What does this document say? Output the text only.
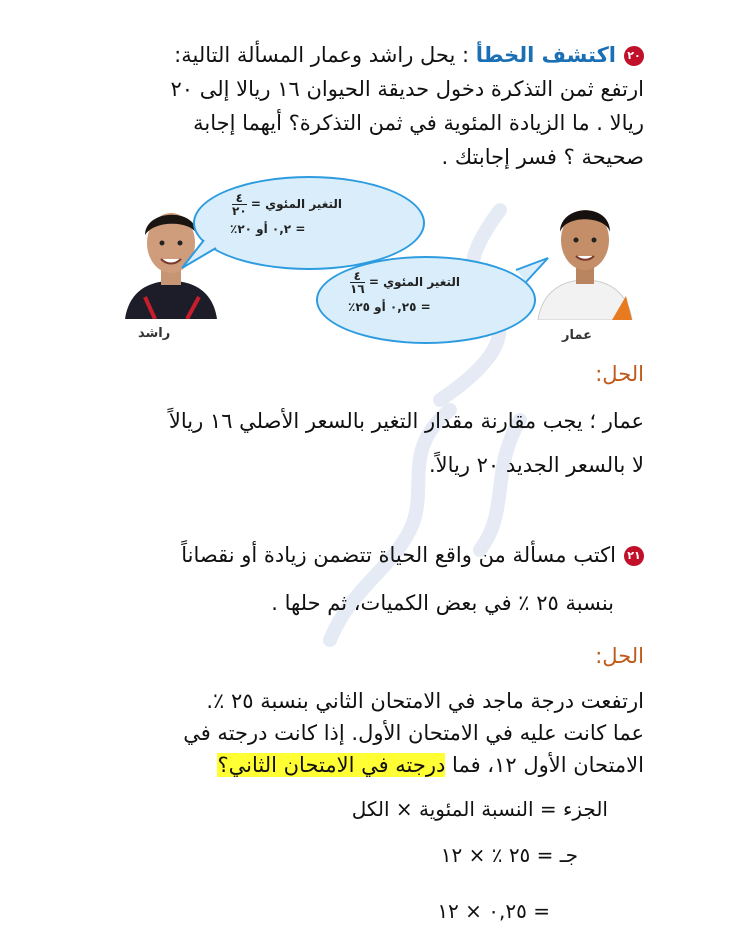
٢٠اكتشف الخطأ : يحل راشد وعمار المسألة التالية:
ارتفع ثمن التذكرة دخول حديقة الحيوان ١٦ ريالا إلى ٢٠
ريالا . ما الزيادة المئوية في ثمن التذكرة؟ أيهما إجابة
صحيحة ؟ فسر إجابتك .
راشد
التغير المئوي =
$\frac{٤}{٢٠}$
= ٠,٢ أو ٢٠٪
عمار
التغير المئوي =
$\frac{٤}{١٦}$
= ٠,٢٥ أو ٢٥٪
الحل:
عمار ؛ يجب مقارنة مقدار التغير بالسعر الأصلي ١٦ ريالاً
لا بالسعر الجديد ٢٠ ريالاً.
٢١اكتب مسألة من واقع الحياة تتضمن زيادة أو نقصاناً
بنسبة ٢٥ ٪ في بعض الكميات، ثم حلها .
الحل:
ارتفعت درجة ماجد في الامتحان الثاني بنسبة ٢٥ ٪.
عما كانت عليه في الامتحان الأول. إذا كانت درجته في
الامتحان الأول ١٢، فما درجته في الامتحان الثاني؟
الجزء = النسبة المئوية × الكل
جـ = ٢٥ ٪ × ١٢
= ٠,٢٥ × ١٢
